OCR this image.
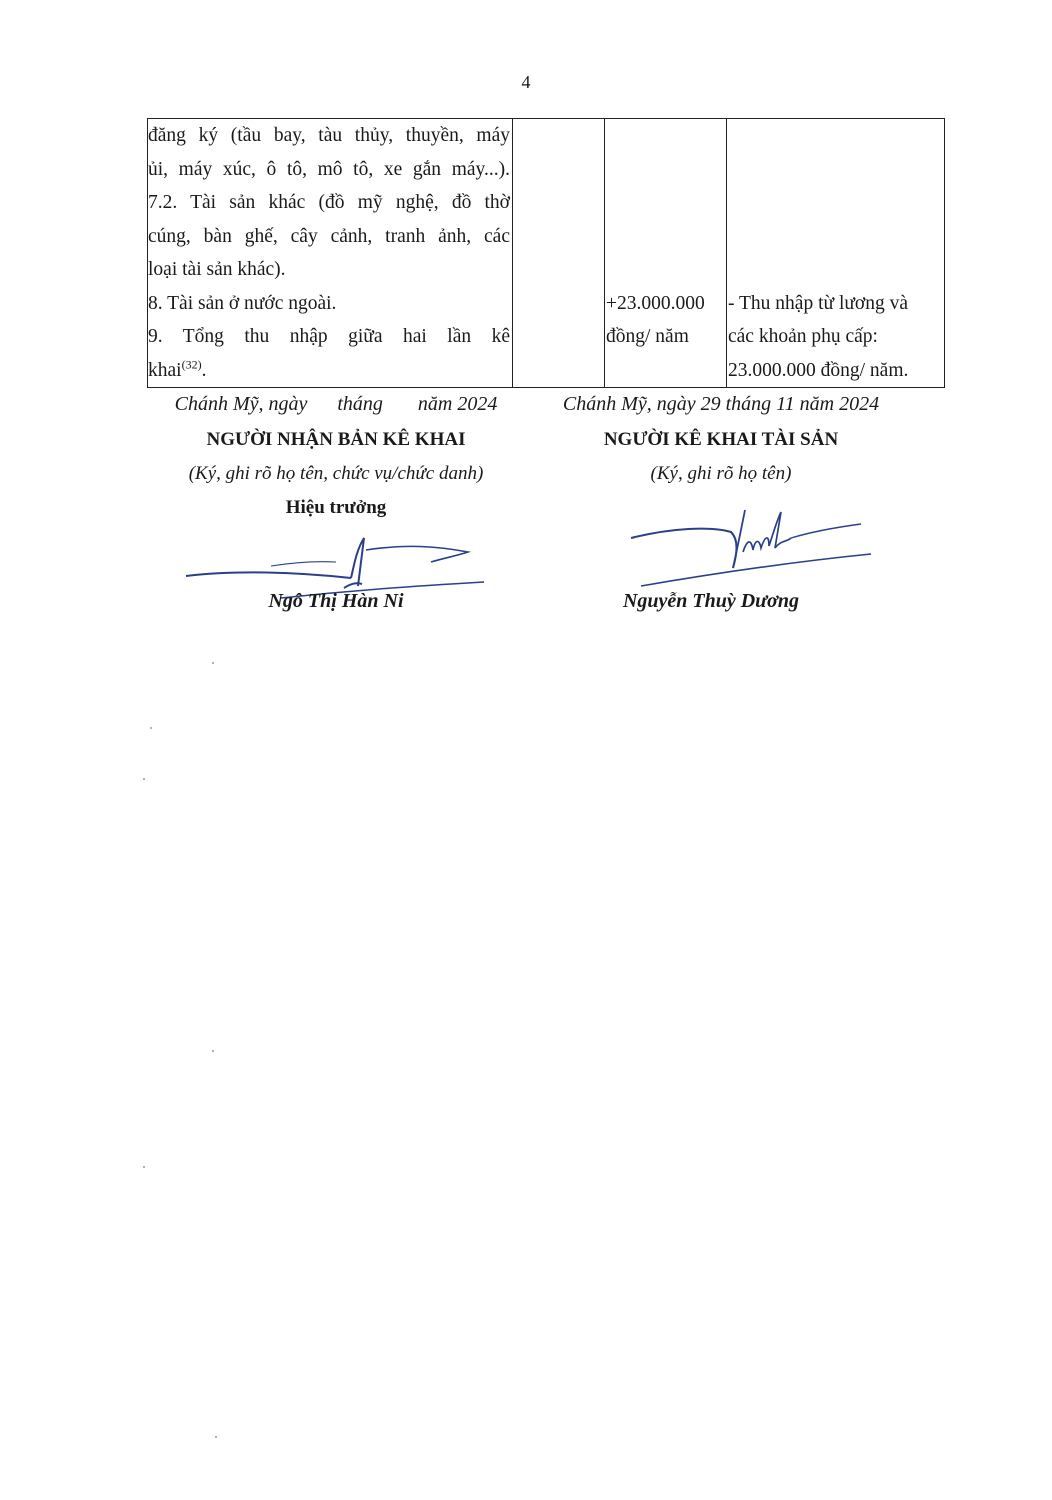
4
đăng ký (tầu bay, tàu thủy, thuyền, máy
ủi, máy xúc, ô tô, mô tô, xe gắn máy...).
7.2. Tài sản khác (đồ mỹ nghệ, đồ thờ
cúng, bàn ghế, cây cảnh, tranh ảnh, các
loại tài sản khác).
8. Tài sản ở nước ngoài.
9. Tổng thu nhập giữa hai lần kê
khai$^{(32)}$.

+23.000.000
đồng/ năm

- Thu nhập từ lương và
các khoản phụ cấp:
23.000.000 đồng/ năm.
Chánh Mỹ, ngày      tháng       năm 2024
NGƯỜI NHẬN BẢN KÊ KHAI
(Ký, ghi rõ họ tên, chức vụ/chức danh)
Hiệu trưởng
Chánh Mỹ, ngày 29 tháng 11 năm 2024
NGƯỜI KÊ KHAI TÀI SẢN
(Ký, ghi rõ họ tên)
Ngô Thị Hàn Ni	Nguyễn Thuỳ Dương
